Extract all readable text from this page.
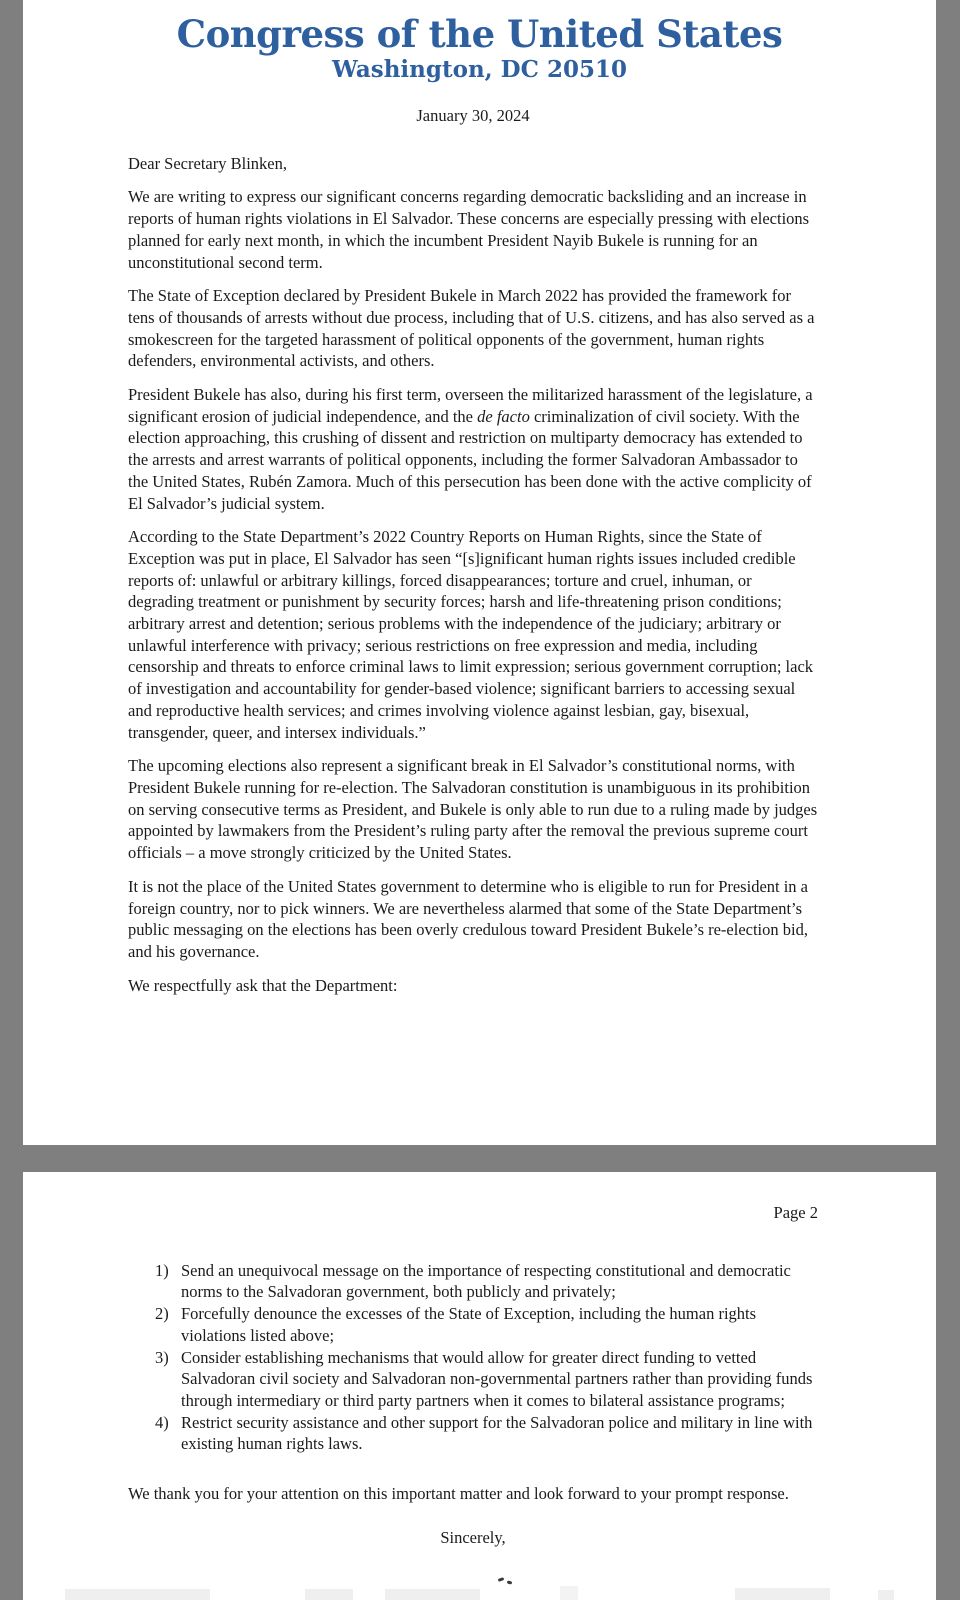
Congress of the United States
Washington, DC 20510
January 30, 2024
Dear Secretary Blinken,
We are writing to express our significant concerns regarding democratic backsliding and an increase in reports of human rights violations in El Salvador. These concerns are especially pressing with elections planned for early next month, in which the incumbent President Nayib Bukele is running for an unconstitutional second term.
The State of Exception declared by President Bukele in March 2022 has provided the framework for tens of thousands of arrests without due process, including that of U.S. citizens, and has also served as a smokescreen for the targeted harassment of political opponents of the government, human rights defenders, environmental activists, and others.
President Bukele has also, during his first term, overseen the militarized harassment of the legislature, a significant erosion of judicial independence, and the de facto criminalization of civil society. With the election approaching, this crushing of dissent and restriction on multiparty democracy has extended to the arrests and arrest warrants of political opponents, including the former Salvadoran Ambassador to the United States, Rubén Zamora. Much of this persecution has been done with the active complicity of El Salvador’s judicial system.
According to the State Department’s 2022 Country Reports on Human Rights, since the State of Exception was put in place, El Salvador has seen “[s]ignificant human rights issues included credible reports of: unlawful or arbitrary killings, forced disappearances; torture and cruel, inhuman, or degrading treatment or punishment by security forces; harsh and life-threatening prison conditions; arbitrary arrest and detention; serious problems with the independence of the judiciary; arbitrary or unlawful interference with privacy; serious restrictions on free expression and media, including censorship and threats to enforce criminal laws to limit expression; serious government corruption; lack of investigation and accountability for gender-based violence; significant barriers to accessing sexual and reproductive health services; and crimes involving violence against lesbian, gay, bisexual, transgender, queer, and intersex individuals.”
The upcoming elections also represent a significant break in El Salvador’s constitutional norms, with President Bukele running for re-election. The Salvadoran constitution is unambiguous in its prohibition on serving consecutive terms as President, and Bukele is only able to run due to a ruling made by judges appointed by lawmakers from the President’s ruling party after the removal the previous supreme court officials – a move strongly criticized by the United States.
It is not the place of the United States government to determine who is eligible to run for President in a foreign country, nor to pick winners. We are nevertheless alarmed that some of the State Department’s public messaging on the elections has been overly credulous toward President Bukele’s re-election bid, and his governance.
We respectfully ask that the Department:
Page 2
1) Send an unequivocal message on the importance of respecting constitutional and democratic norms to the Salvadoran government, both publicly and privately;
2) Forcefully denounce the excesses of the State of Exception, including the human rights violations listed above;
3) Consider establishing mechanisms that would allow for greater direct funding to vetted Salvadoran civil society and Salvadoran non-governmental partners rather than providing funds through intermediary or third party partners when it comes to bilateral assistance programs;
4) Restrict security assistance and other support for the Salvadoran police and military in line with existing human rights laws.
We thank you for your attention on this important matter and look forward to your prompt response.
Sincerely,
